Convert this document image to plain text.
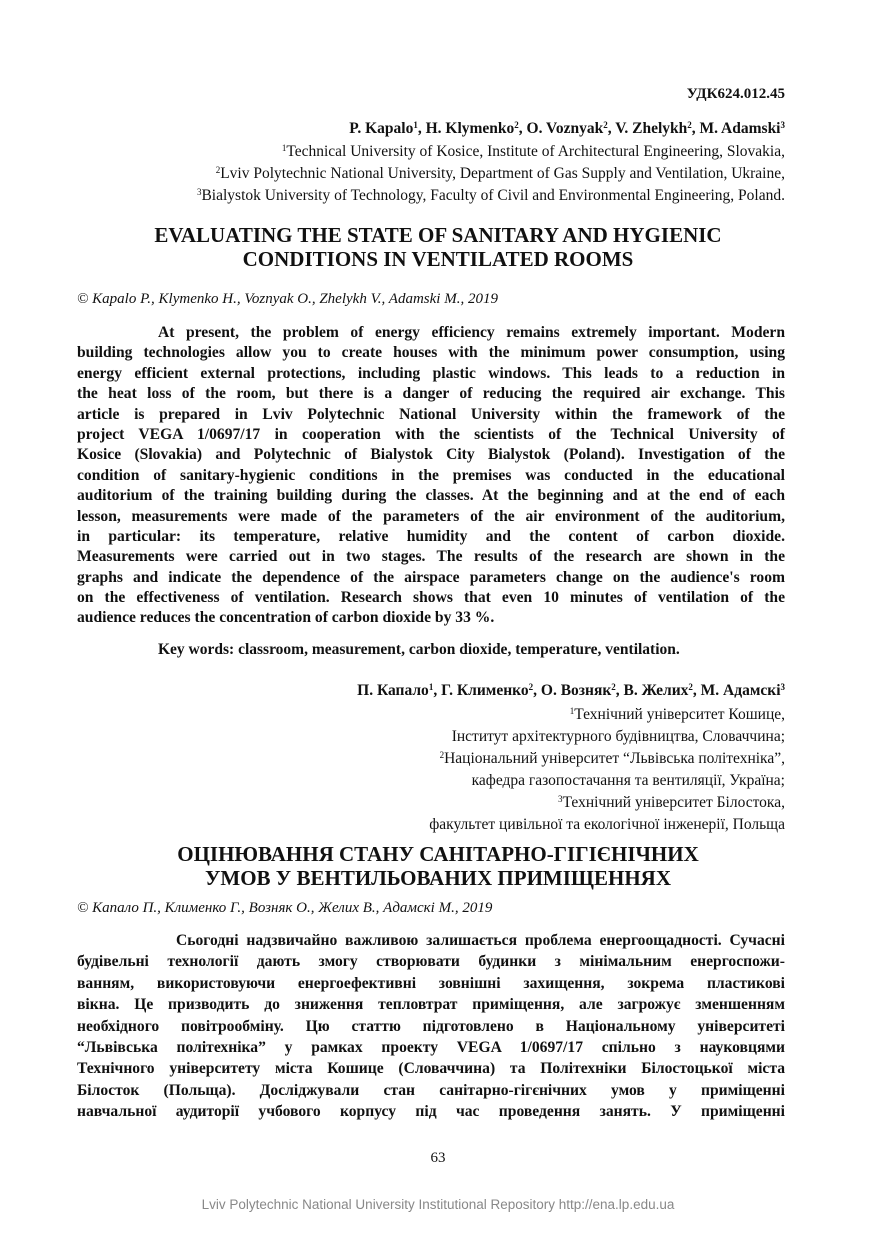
УДК624.012.45
P. Kapalo$^1$, H. Klymenko$^2$, O. Voznyak$^2$, V. Zhelykh$^2$, M. Adamski$^3$
$^1$Technical University of Kosice, Institute of Architectural Engineering, Slovakia,
$^2$Lviv Polytechnic National University, Department of Gas Supply and Ventilation, Ukraine,
$^3$Bialystok University of Technology, Faculty of Civil and Environmental Engineering, Poland.
EVALUATING THE STATE OF SANITARY AND HYGIENIC
CONDITIONS IN VENTILATED ROOMS
© Kapalo P., Klymenko H., Voznyak O., Zhelykh V., Adamski M., 2019
At present, the problem of energy efficiency remains extremely important. Modern
building technologies allow you to create houses with the minimum power consumption, using
energy efficient external protections, including plastic windows. This leads to a reduction in
the heat loss of the room, but there is a danger of reducing the required air exchange. This
article is prepared in Lviv Polytechnic National University within the framework of the
project VEGA 1/0697/17 in cooperation with the scientists of the Technical University of
Kosice (Slovakia) and Polytechnic of Bialystok City Bialystok (Poland). Investigation of the
condition of sanitary-hygienic conditions in the premises was conducted in the educational
auditorium of the training building during the classes. At the beginning and at the end of each
lesson, measurements were made of the parameters of the air environment of the auditorium,
in particular: its temperature, relative humidity and the content of carbon dioxide.
Measurements were carried out in two stages. The results of the research are shown in the
graphs and indicate the dependence of the airspace parameters change on the audience's room
on the effectiveness of ventilation. Research shows that even 10 minutes of ventilation of the
audience reduces the concentration of carbon dioxide by 33 %.
Key words: classroom, measurement, carbon dioxide, temperature, ventilation.
П. Капало$^1$, Г. Клименко$^2$, О. Возняк$^2$, В. Желих$^2$, М. Адамскі$^3$
$^1$Технічний університет Кошице,
Інститут архітектурного будівництва, Словаччина;
$^2$Національний університет “Львівська політехніка”,
кафедра газопостачання та вентиляції, Україна;
$^3$Технічний університет Білостока,
факультет цивільної та екологічної інженерії, Польща
ОЦІНЮВАННЯ СТАНУ САНІТАРНО-ГІГІЄНІЧНИХ
УМОВ У ВЕНТИЛЬОВАНИХ ПРИМІЩЕННЯХ
© Капало П., Клименко Г., Возняк О., Желих В., Адамскі М., 2019
Сьогодні надзвичайно важливою залишається проблема енергоощадності. Сучасні
будівельні технології дають змогу створювати будинки з мінімальним енергоспожи-
ванням, використовуючи енергоефективні зовнішні захищення, зокрема пластикові
вікна. Це призводить до зниження тепловтрат приміщення, але загрожує зменшенням
необхідного повітрообміну. Цю статтю підготовлено в Національному університеті
“Львівська політехніка” у рамках проекту VEGA 1/0697/17 спільно з науковцями
Технічного університету міста Кошице (Словаччина) та Політехніки Білостоцької міста
Білосток (Польща). Досліджували стан санітарно-гігєнічних умов у приміщенні
навчальної аудиторії учбового корпусу під час проведення занять. У приміщенні
63
Lviv Polytechnic National University Institutional Repository http://ena.lp.edu.ua
